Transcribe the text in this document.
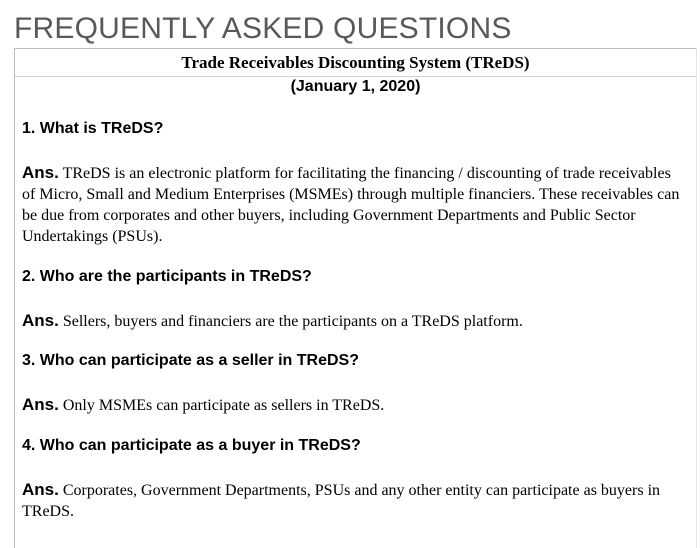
FREQUENTLY ASKED QUESTIONS
Trade Receivables Discounting System (TReDS)
(January 1, 2020)
1. What is TReDS?

Ans. TReDS is an electronic platform for facilitating the financing / discounting of trade receivables of Micro, Small and Medium Enterprises (MSMEs) through multiple financiers. These receivables can be due from corporates and other buyers, including Government Departments and Public Sector Undertakings (PSUs).

2. Who are the participants in TReDS?

Ans. Sellers, buyers and financiers are the participants on a TReDS platform.

3. Who can participate as a seller in TReDS?

Ans. Only MSMEs can participate as sellers in TReDS.

4. Who can participate as a buyer in TReDS?

Ans. Corporates, Government Departments, PSUs and any other entity can participate as buyers in TReDS.
